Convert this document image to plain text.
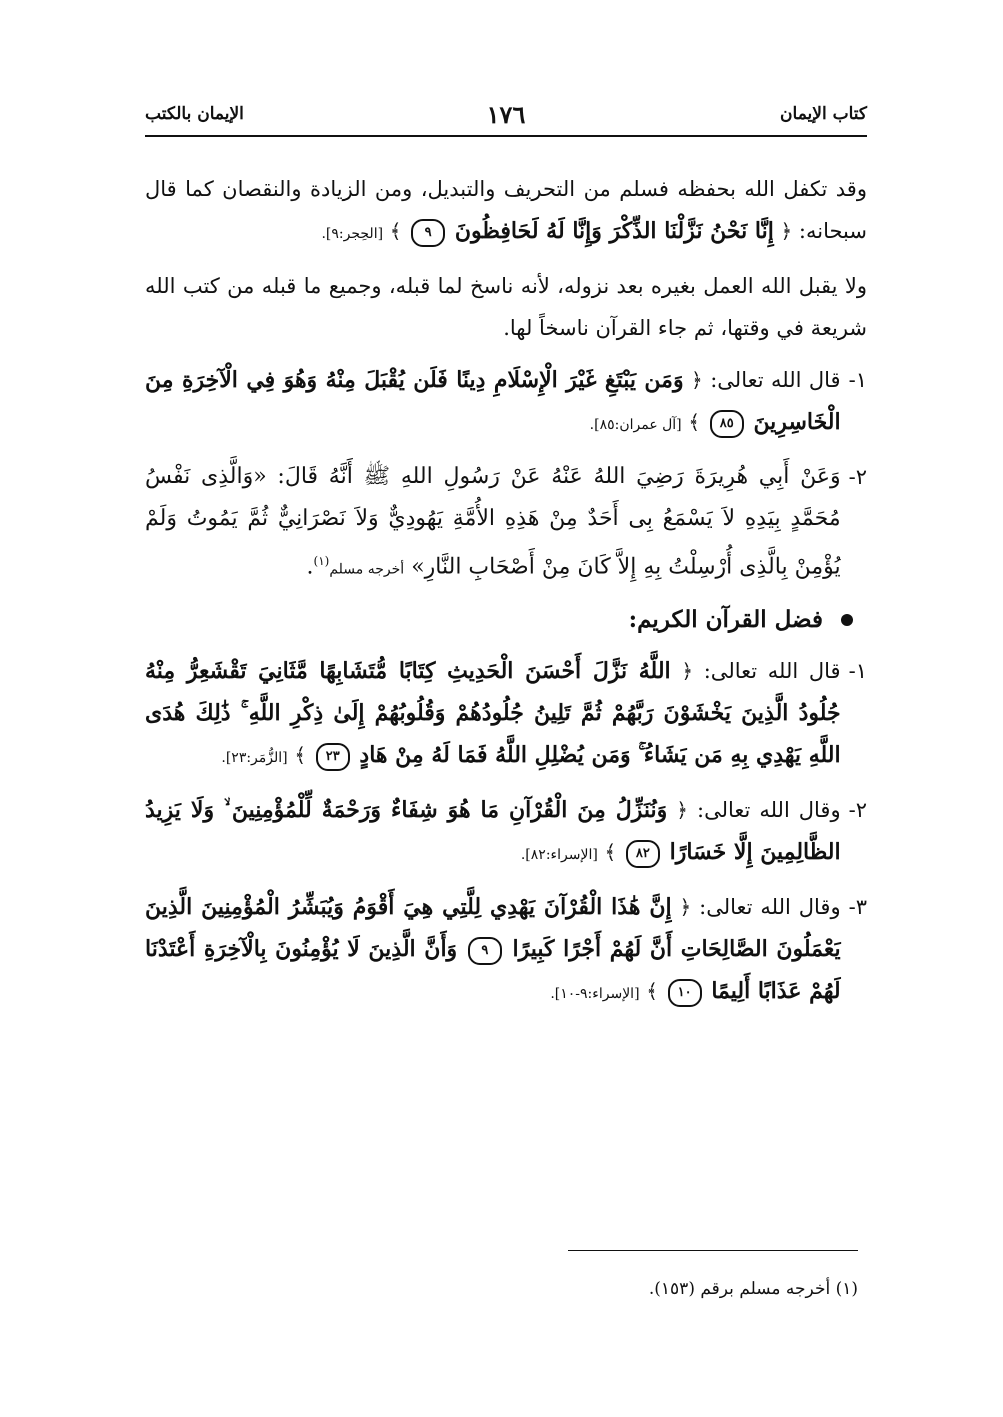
كتاب الإيمان
١٧٦
الإيمان بالكتب

وقد تكفل الله بحفظه فسلم من التحريف والتبديل، ومن الزيادة والنقصان كما قال سبحانه: ﴿ إِنَّا نَحْنُ نَزَّلْنَا الذِّكْرَ وَإِنَّا لَهُ لَحَافِظُونَ ٩ ﴾ [الحِجر:٩].

ولا يقبل الله العمل بغيره بعد نزوله، لأنه ناسخ لما قبله، وجميع ما قبله من كتب الله شريعة في وقتها، ثم جاء القرآن ناسخاً لها.

١-
قال الله تعالى: ﴿ وَمَن يَبْتَغِ غَيْرَ الْإِسْلَامِ دِينًا فَلَن يُقْبَلَ مِنْهُ وَهُوَ فِي الْآخِرَةِ مِنَ الْخَاسِرِينَ ٨٥ ﴾ [آل عمران:٨٥].
٢-
وَعَنْ أَبِي هُرِيرَةَ رَضِيَ اللهُ عَنْهُ عَنْ رَسُولِ اللهِ ﷺ أَنَّهُ قَالَ: «وَالَّذِى نَفْسُ مُحَمَّدٍ بِيَدِهِ لاَ يَسْمَعُ بِى أَحَدٌ مِنْ هَذِهِ الأُمَّةِ يَهُودِيٌّ وَلاَ نَصْرَانِيٌّ ثُمَّ يَمُوتُ وَلَمْ يُؤْمِنْ بِالَّذِى أُرْسِلْتُ بِهِ إِلاَّ كَانَ مِنْ أَصْحَابِ النَّارِ» أخرجه مسلم$^{(١)}$.
فضل القرآن الكريم:
١-
قال الله تعالى: ﴿ اللَّهُ نَزَّلَ أَحْسَنَ الْحَدِيثِ كِتَابًا مُّتَشَابِهًا مَّثَانِيَ تَقْشَعِرُّ مِنْهُ جُلُودُ الَّذِينَ يَخْشَوْنَ رَبَّهُمْ ثُمَّ تَلِينُ جُلُودُهُمْ وَقُلُوبُهُمْ إِلَىٰ ذِكْرِ اللَّهِ ۚ ذَٰلِكَ هُدَى اللَّهِ يَهْدِي بِهِ مَن يَشَاءُ ۚ وَمَن يُضْلِلِ اللَّهُ فَمَا لَهُ مِنْ هَادٍ ٢٣ ﴾ [الزُّمَر:٢٣].
٢-
وقال الله تعالى: ﴿ وَنُنَزِّلُ مِنَ الْقُرْآنِ مَا هُوَ شِفَاءٌ وَرَحْمَةٌ لِّلْمُؤْمِنِينَ ۙ وَلَا يَزِيدُ الظَّالِمِينَ إِلَّا خَسَارًا ٨٢ ﴾ [الإسراء:٨٢].
٣-
وقال الله تعالى: ﴿ إِنَّ هَٰذَا الْقُرْآنَ يَهْدِي لِلَّتِي هِيَ أَقْوَمُ وَيُبَشِّرُ الْمُؤْمِنِينَ الَّذِينَ يَعْمَلُونَ الصَّالِحَاتِ أَنَّ لَهُمْ أَجْرًا كَبِيرًا ٩ وَأَنَّ الَّذِينَ لَا يُؤْمِنُونَ بِالْآخِرَةِ أَعْتَدْنَا لَهُمْ عَذَابًا أَلِيمًا ١٠ ﴾ [الإسراء:٩-١٠].
(١) أخرجه مسلم برقم (١٥٣).
